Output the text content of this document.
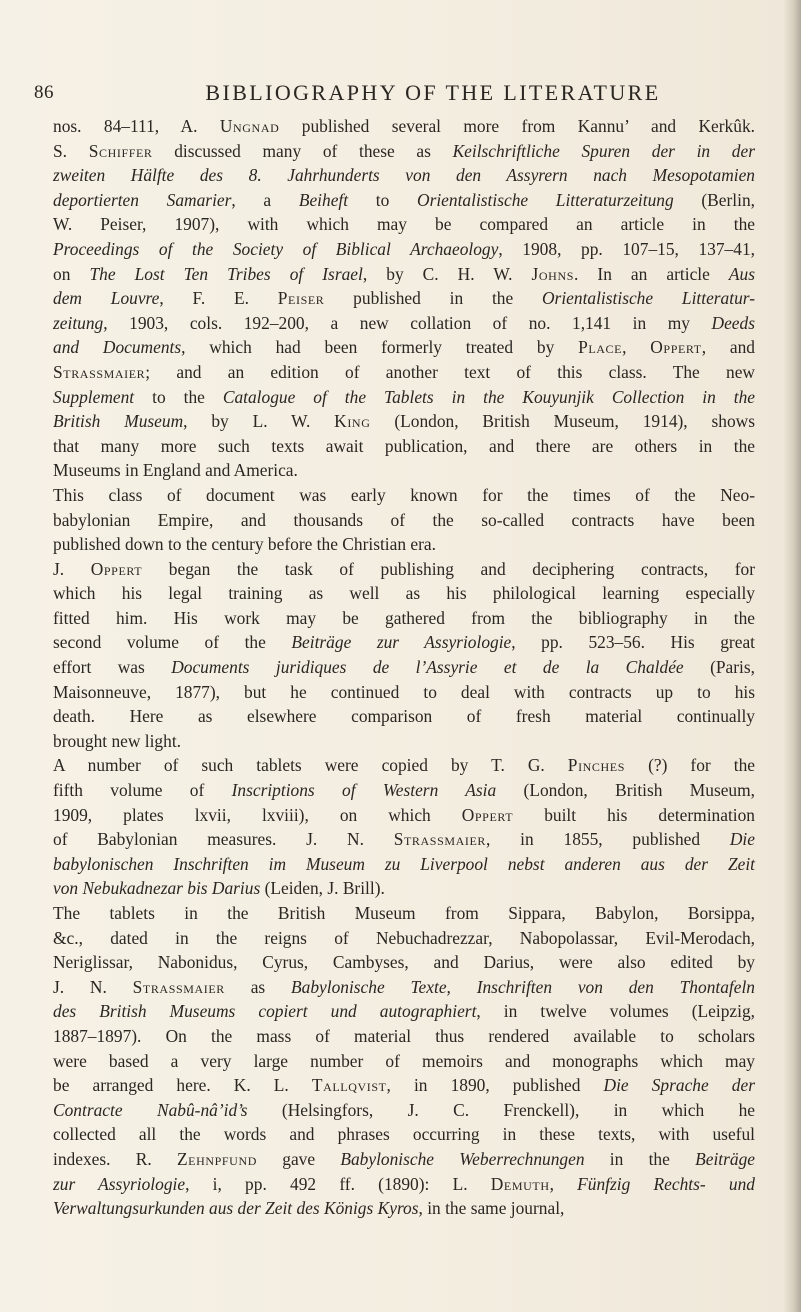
86	BIBLIOGRAPHY OF THE LITERATURE
nos. 84–111, A. Ungnad published several more from Kannu’ and Kerkûk.
S. Schiffer discussed many of these as Keilschriftliche Spuren der in der
zweiten Hälfte des 8. Jahrhunderts von den Assyrern nach Mesopotamien
deportierten Samarier, a Beiheft to Orientalistische Litteraturzeitung (Berlin,
W. Peiser, 1907), with which may be compared an article in the
Proceedings of the Society of Biblical Archaeology, 1908, pp. 107–15, 137–41,
on The Lost Ten Tribes of Israel, by C. H. W. Johns. In an article Aus
dem Louvre, F. E. Peiser published in the Orientalistische Litteratur-
zeitung, 1903, cols. 192–200, a new collation of no. 1,141 in my Deeds
and Documents, which had been formerly treated by Place, Oppert, and
Strassmaier; and an edition of another text of this class. The new
Supplement to the Catalogue of the Tablets in the Kouyunjik Collection in the
British Museum, by L. W. King (London, British Museum, 1914), shows
that many more such texts await publication, and there are others in the
Museums in England and America.
This class of document was early known for the times of the Neo-
babylonian Empire, and thousands of the so-called contracts have been
published down to the century before the Christian era.
J. Oppert began the task of publishing and deciphering contracts, for
which his legal training as well as his philological learning especially
fitted him. His work may be gathered from the bibliography in the
second volume of the Beiträge zur Assyriologie, pp. 523–56. His great
effort was Documents juridiques de l’Assyrie et de la Chaldée (Paris,
Maisonneuve, 1877), but he continued to deal with contracts up to his
death. Here as elsewhere comparison of fresh material continually
brought new light.
A number of such tablets were copied by T. G. Pinches (?) for the
fifth volume of Inscriptions of Western Asia (London, British Museum,
1909, plates lxvii, lxviii), on which Oppert built his determination
of Babylonian measures. J. N. Strassmaier, in 1855, published Die
babylonischen Inschriften im Museum zu Liverpool nebst anderen aus der Zeit
von Nebukadnezar bis Darius (Leiden, J. Brill).
The tablets in the British Museum from Sippara, Babylon, Borsippa,
&c., dated in the reigns of Nebuchadrezzar, Nabopolassar, Evil-Merodach,
Neriglissar, Nabonidus, Cyrus, Cambyses, and Darius, were also edited by
J. N. Strassmaier as Babylonische Texte, Inschriften von den Thontafeln
des British Museums copiert und autographiert, in twelve volumes (Leipzig,
1887–1897). On the mass of material thus rendered available to scholars
were based a very large number of memoirs and monographs which may
be arranged here. K. L. Tallqvist, in 1890, published Die Sprache der
Contracte Nabû-nâ’id’s (Helsingfors, J. C. Frenckell), in which he
collected all the words and phrases occurring in these texts, with useful
indexes. R. Zehnpfund gave Babylonische Weberrechnungen in the Beiträge
zur Assyriologie, i, pp. 492 ff. (1890): L. Demuth, Fünfzig Rechts- und
Verwaltungsurkunden aus der Zeit des Königs Kyros, in the same journal,
